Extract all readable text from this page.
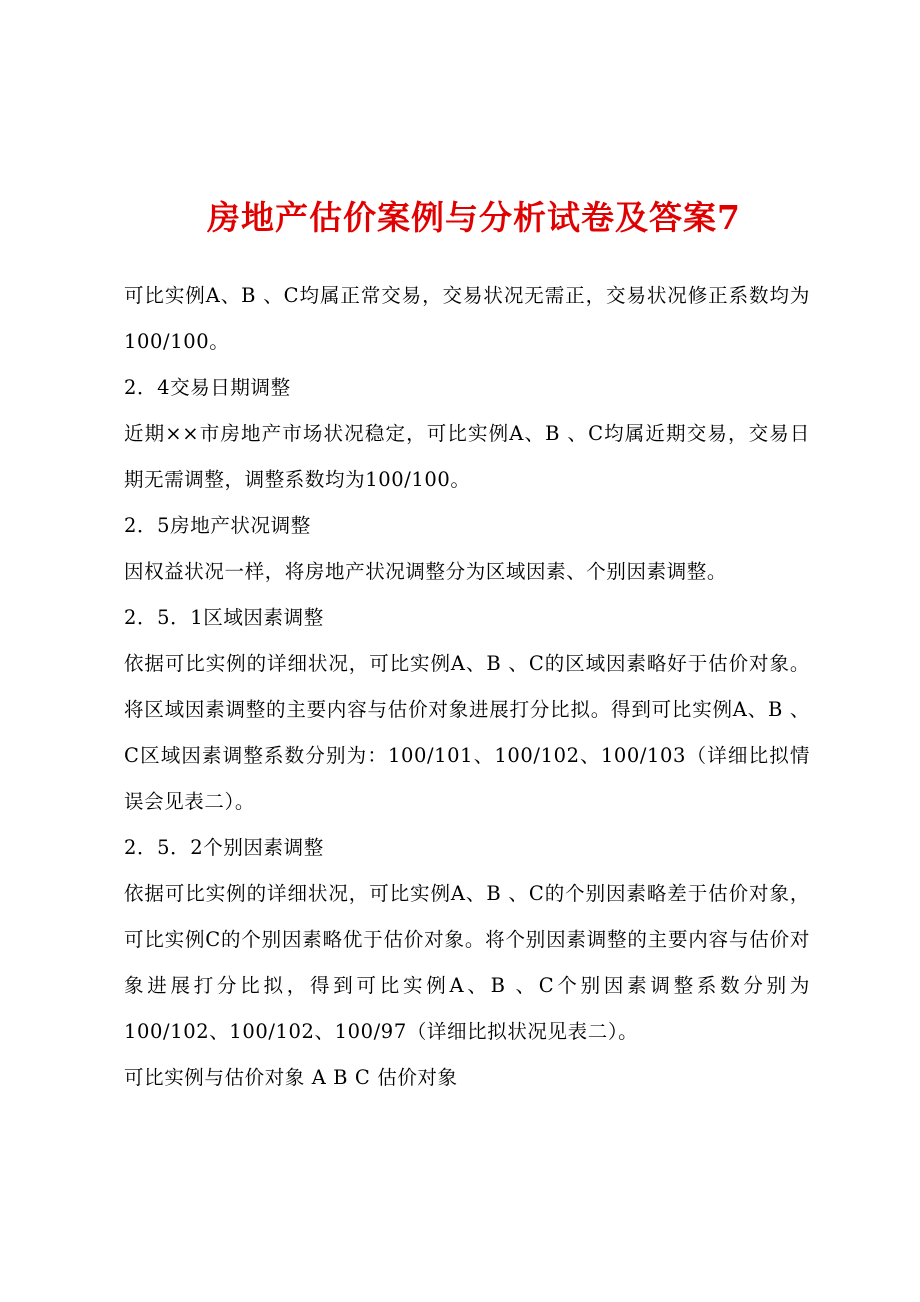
房地产估价案例与分析试卷及答案7

可比实例A、B 、C均属正常交易，交易状况无需正，交易状况修正系数均为100/100。

2．4交易日期调整

近期××市房地产市场状况稳定，可比实例A、B 、C均属近期交易，交易日期无需调整，调整系数均为100/100。

2．5房地产状况调整

因权益状况一样，将房地产状况调整分为区域因素、个别因素调整。

2．5．1区域因素调整

依据可比实例的详细状况，可比实例A、B 、C的区域因素略好于估价对象。将区域因素调整的主要内容与估价对象进展打分比拟。得到可比实例A、B 、C区域因素调整系数分别为：100/101、100/102、100/103（详细比拟情误会见表二）。

2．5．2个别因素调整

依据可比实例的详细状况，可比实例A、B 、C的个别因素略差于估价对象，可比实例C的个别因素略优于估价对象。将个别因素调整的主要内容与估价对象进展打分比拟，得到可比实例A、B 、C个别因素调整系数分别为100/102、100/102、100/97（详细比拟状况见表二）。

可比实例与估价对象 A B C 估价对象
